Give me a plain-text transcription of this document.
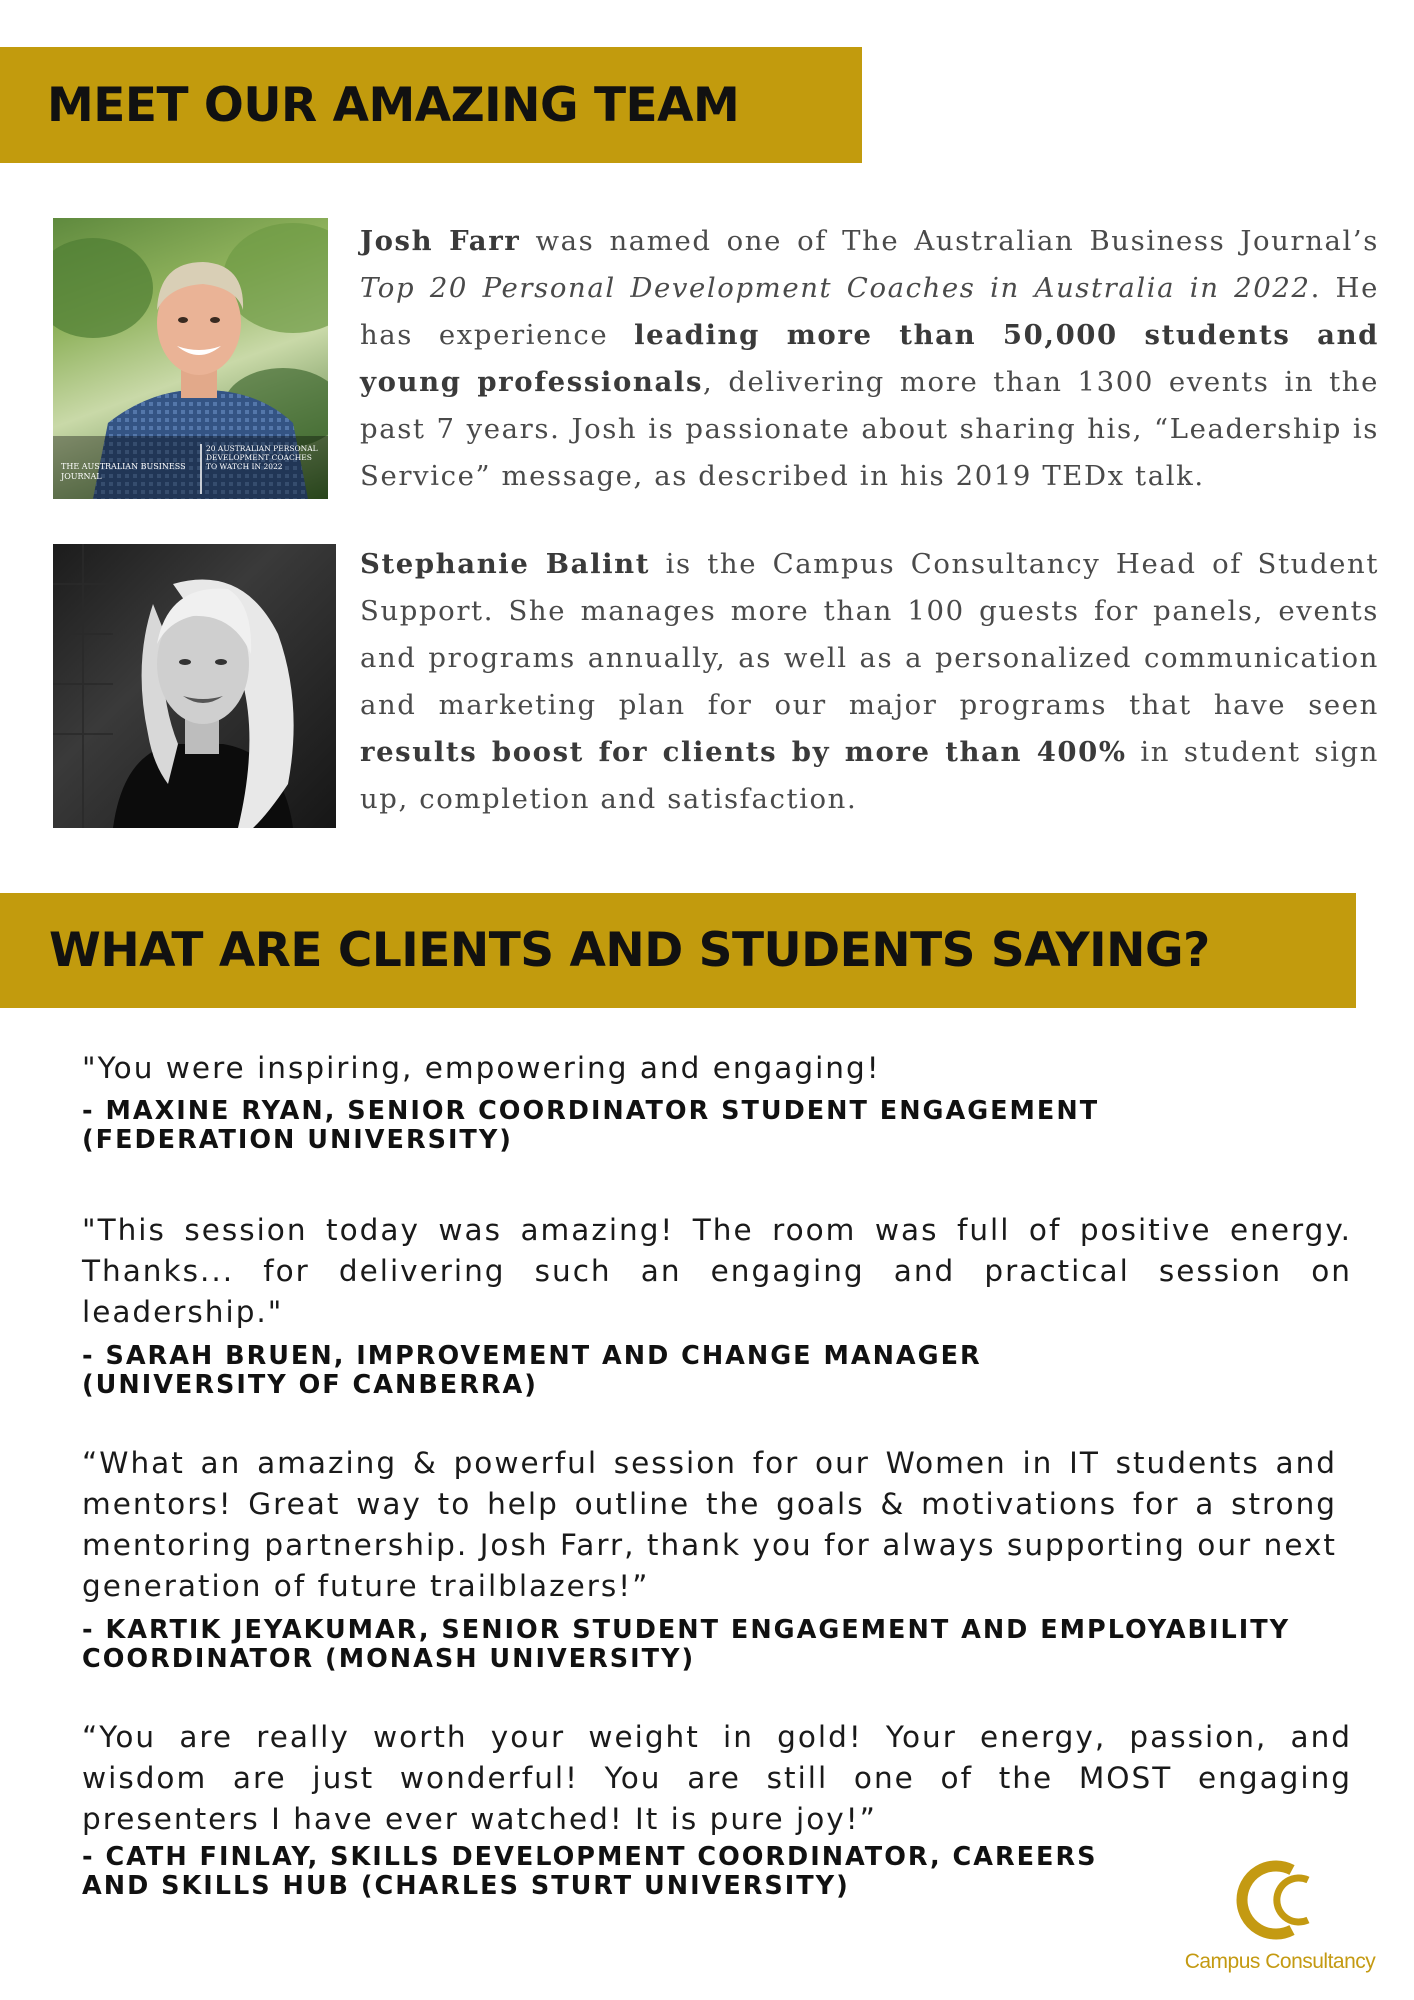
MEET OUR AMAZING TEAM
THE AUSTRALIAN BUSINESS JOURNAL
20 AUSTRALIAN PERSONAL DEVELOPMENT COACHES TO WATCH IN 2022

Josh Farr was named one of The Australian Business Journal’s Top 20 Personal Development Coaches in Australia in 2022. He has experience leading more than 50,000 students and young professionals, delivering more than 1300 events in the past 7 years. Josh is passionate about sharing his, “Leadership is Service” message, as described in his 2019 TEDx talk.

Stephanie Balint is the Campus Consultancy Head of Student Support. She manages more than 100 guests for panels, events and programs annually, as well as a personalized communication and marketing plan for our major programs that have seen results boost for clients by more than 400% in student sign up, completion and satisfaction.

WHAT ARE CLIENTS AND STUDENTS SAYING?

"You were inspiring, empowering and engaging!

- MAXINE RYAN, SENIOR COORDINATOR STUDENT ENGAGEMENT
(FEDERATION UNIVERSITY)

"This session today was amazing! The room was full of positive energy. Thanks... for delivering such an engaging and practical session on leadership."

- SARAH BRUEN, IMPROVEMENT AND CHANGE MANAGER
(UNIVERSITY OF CANBERRA)

“What an amazing & powerful session for our Women in IT students and mentors! Great way to help outline the goals & motivations for a strong mentoring partnership. Josh Farr, thank you for always supporting our next generation of future trailblazers!”

- KARTIK JEYAKUMAR, SENIOR STUDENT ENGAGEMENT AND EMPLOYABILITY
COORDINATOR (MONASH UNIVERSITY)

“You are really worth your weight in gold! Your energy, passion, and wisdom are just wonderful! You are still one of the MOST engaging presenters I have ever watched! It is pure joy!”

- CATH FINLAY, SKILLS DEVELOPMENT COORDINATOR, CAREERS
AND SKILLS HUB (CHARLES STURT UNIVERSITY)

Campus Consultancy
